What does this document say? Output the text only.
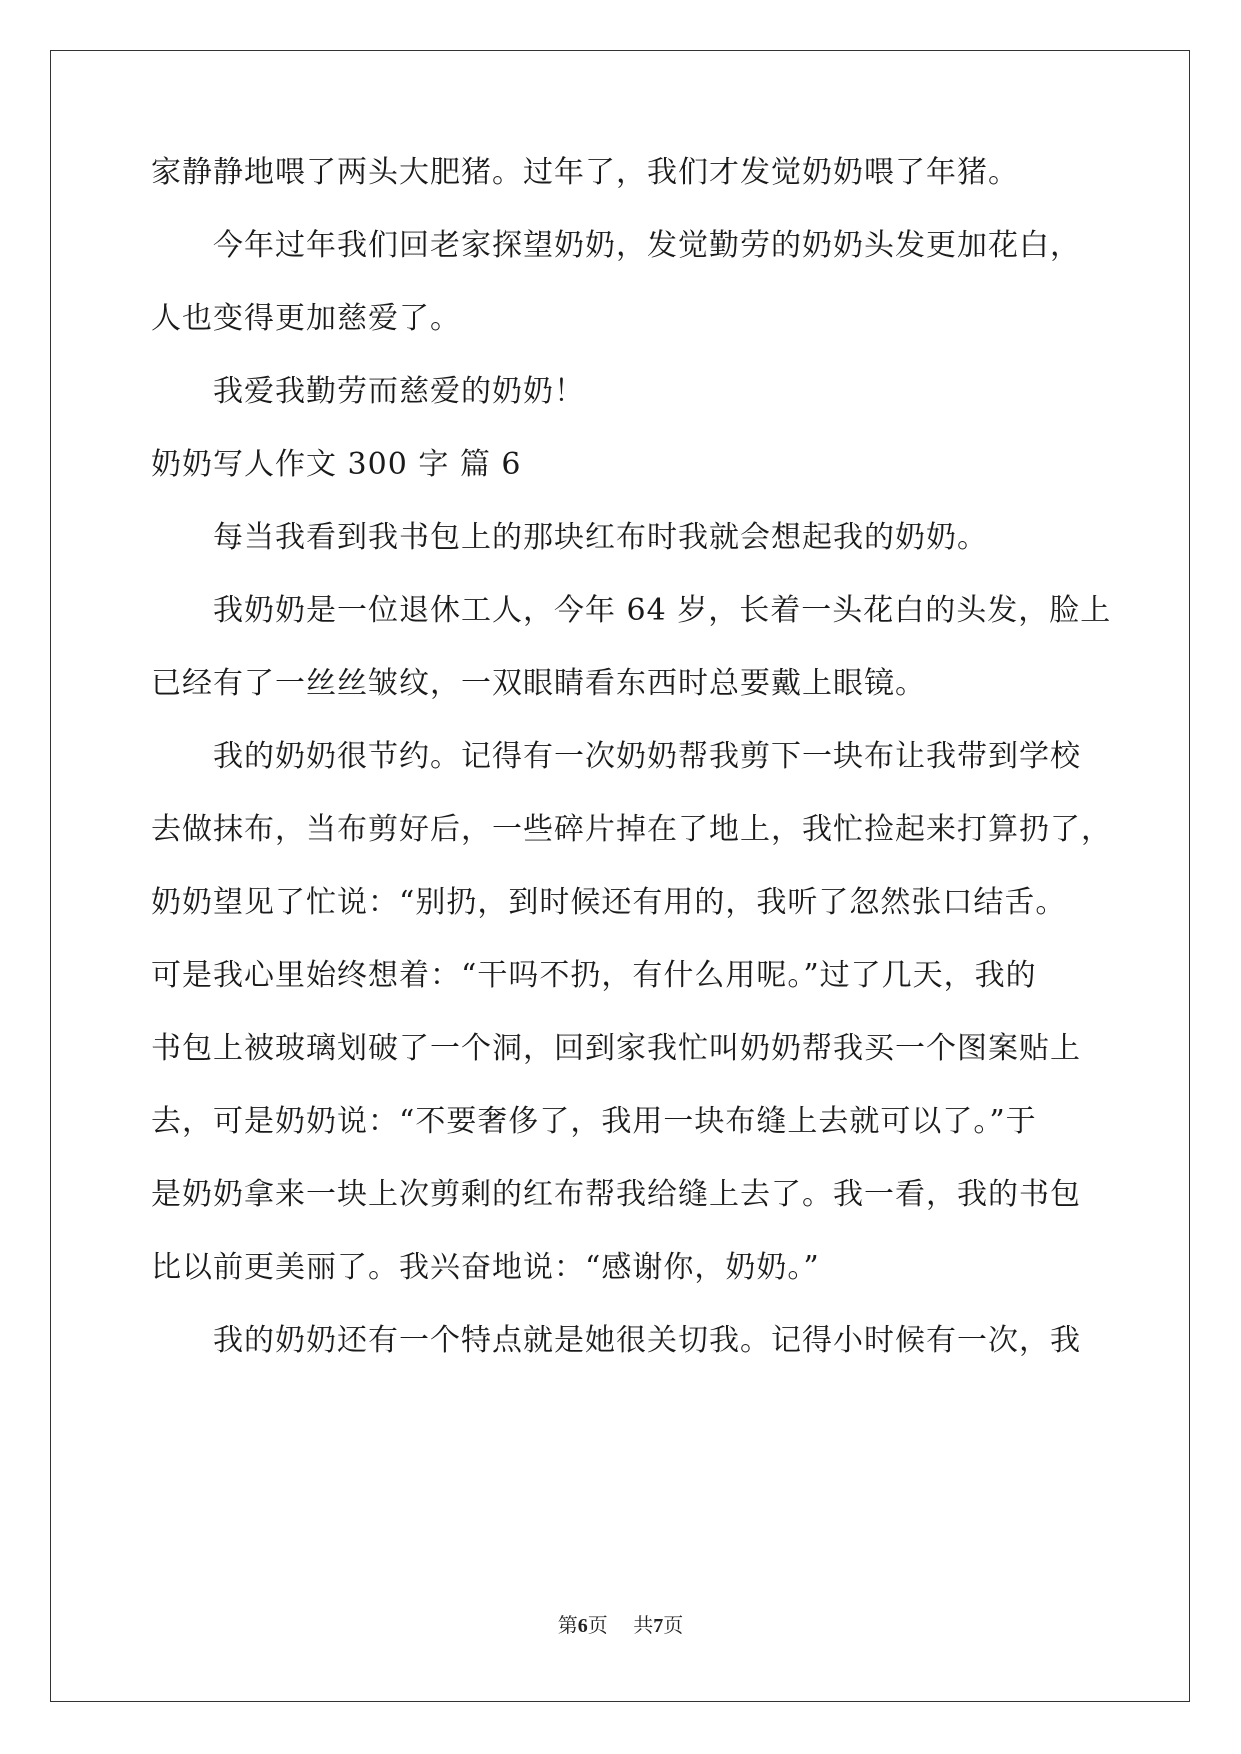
家静静地喂了两头大肥猪。过年了，我们才发觉奶奶喂了年猪。
今年过年我们回老家探望奶奶，发觉勤劳的奶奶头发更加花白，
人也变得更加慈爱了。
我爱我勤劳而慈爱的奶奶！
奶奶写人作文 300 字 篇 6
每当我看到我书包上的那块红布时我就会想起我的奶奶。
我奶奶是一位退休工人，今年 64 岁，长着一头花白的头发，脸上
已经有了一丝丝皱纹，一双眼睛看东西时总要戴上眼镜。
我的奶奶很节约。记得有一次奶奶帮我剪下一块布让我带到学校
去做抹布，当布剪好后，一些碎片掉在了地上，我忙捡起来打算扔了，
奶奶望见了忙说：“别扔，到时候还有用的，我听了忽然张口结舌。
可是我心里始终想着：“干吗不扔，有什么用呢。”过了几天，我的
书包上被玻璃划破了一个洞，回到家我忙叫奶奶帮我买一个图案贴上
去，可是奶奶说：“不要奢侈了，我用一块布缝上去就可以了。”于
是奶奶拿来一块上次剪剩的红布帮我给缝上去了。我一看，我的书包
比以前更美丽了。我兴奋地说：“感谢你，奶奶。”
我的奶奶还有一个特点就是她很关切我。记得小时候有一次，我
第6页    共7页
